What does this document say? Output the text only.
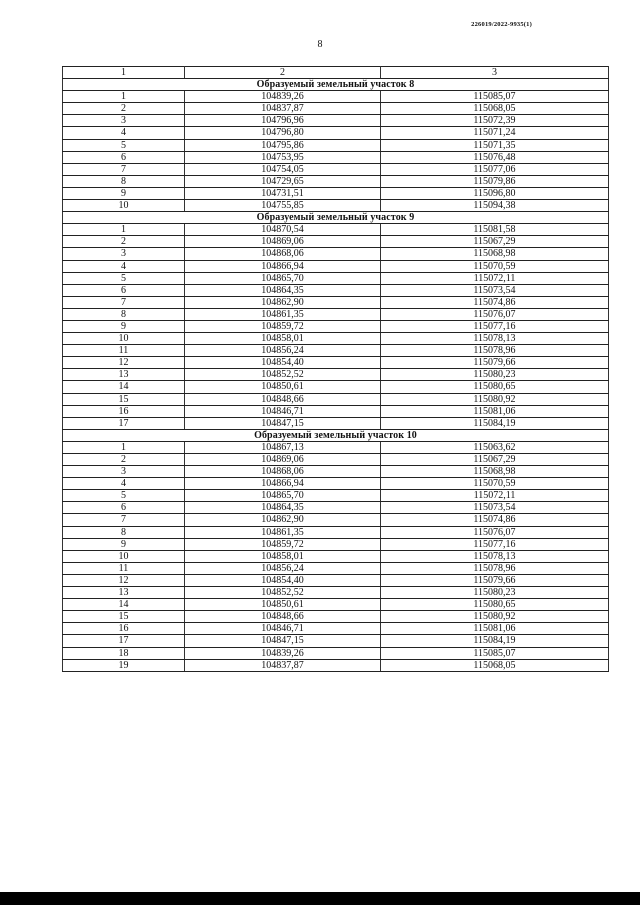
226019/2022-9935(1)
8
1	2	3
Образуемый земельный участок 8		
1	104839,26	115085,07
2	104837,87	115068,05
3	104796,96	115072,39
4	104796,80	115071,24
5	104795,86	115071,35
6	104753,95	115076,48
7	104754,05	115077,06
8	104729,65	115079,86
9	104731,51	115096,80
10	104755,85	115094,38
Образуемый земельный участок 9		
1	104870,54	115081,58
2	104869,06	115067,29
3	104868,06	115068,98
4	104866,94	115070,59
5	104865,70	115072,11
6	104864,35	115073,54
7	104862,90	115074,86
8	104861,35	115076,07
9	104859,72	115077,16
10	104858,01	115078,13
11	104856,24	115078,96
12	104854,40	115079,66
13	104852,52	115080,23
14	104850,61	115080,65
15	104848,66	115080,92
16	104846,71	115081,06
17	104847,15	115084,19
Образуемый земельный участок 10		
1	104867,13	115063,62
2	104869,06	115067,29
3	104868,06	115068,98
4	104866,94	115070,59
5	104865,70	115072,11
6	104864,35	115073,54
7	104862,90	115074,86
8	104861,35	115076,07
9	104859,72	115077,16
10	104858,01	115078,13
11	104856,24	115078,96
12	104854,40	115079,66
13	104852,52	115080,23
14	104850,61	115080,65
15	104848,66	115080,92
16	104846,71	115081,06
17	104847,15	115084,19
18	104839,26	115085,07
19	104837,87	115068,05
